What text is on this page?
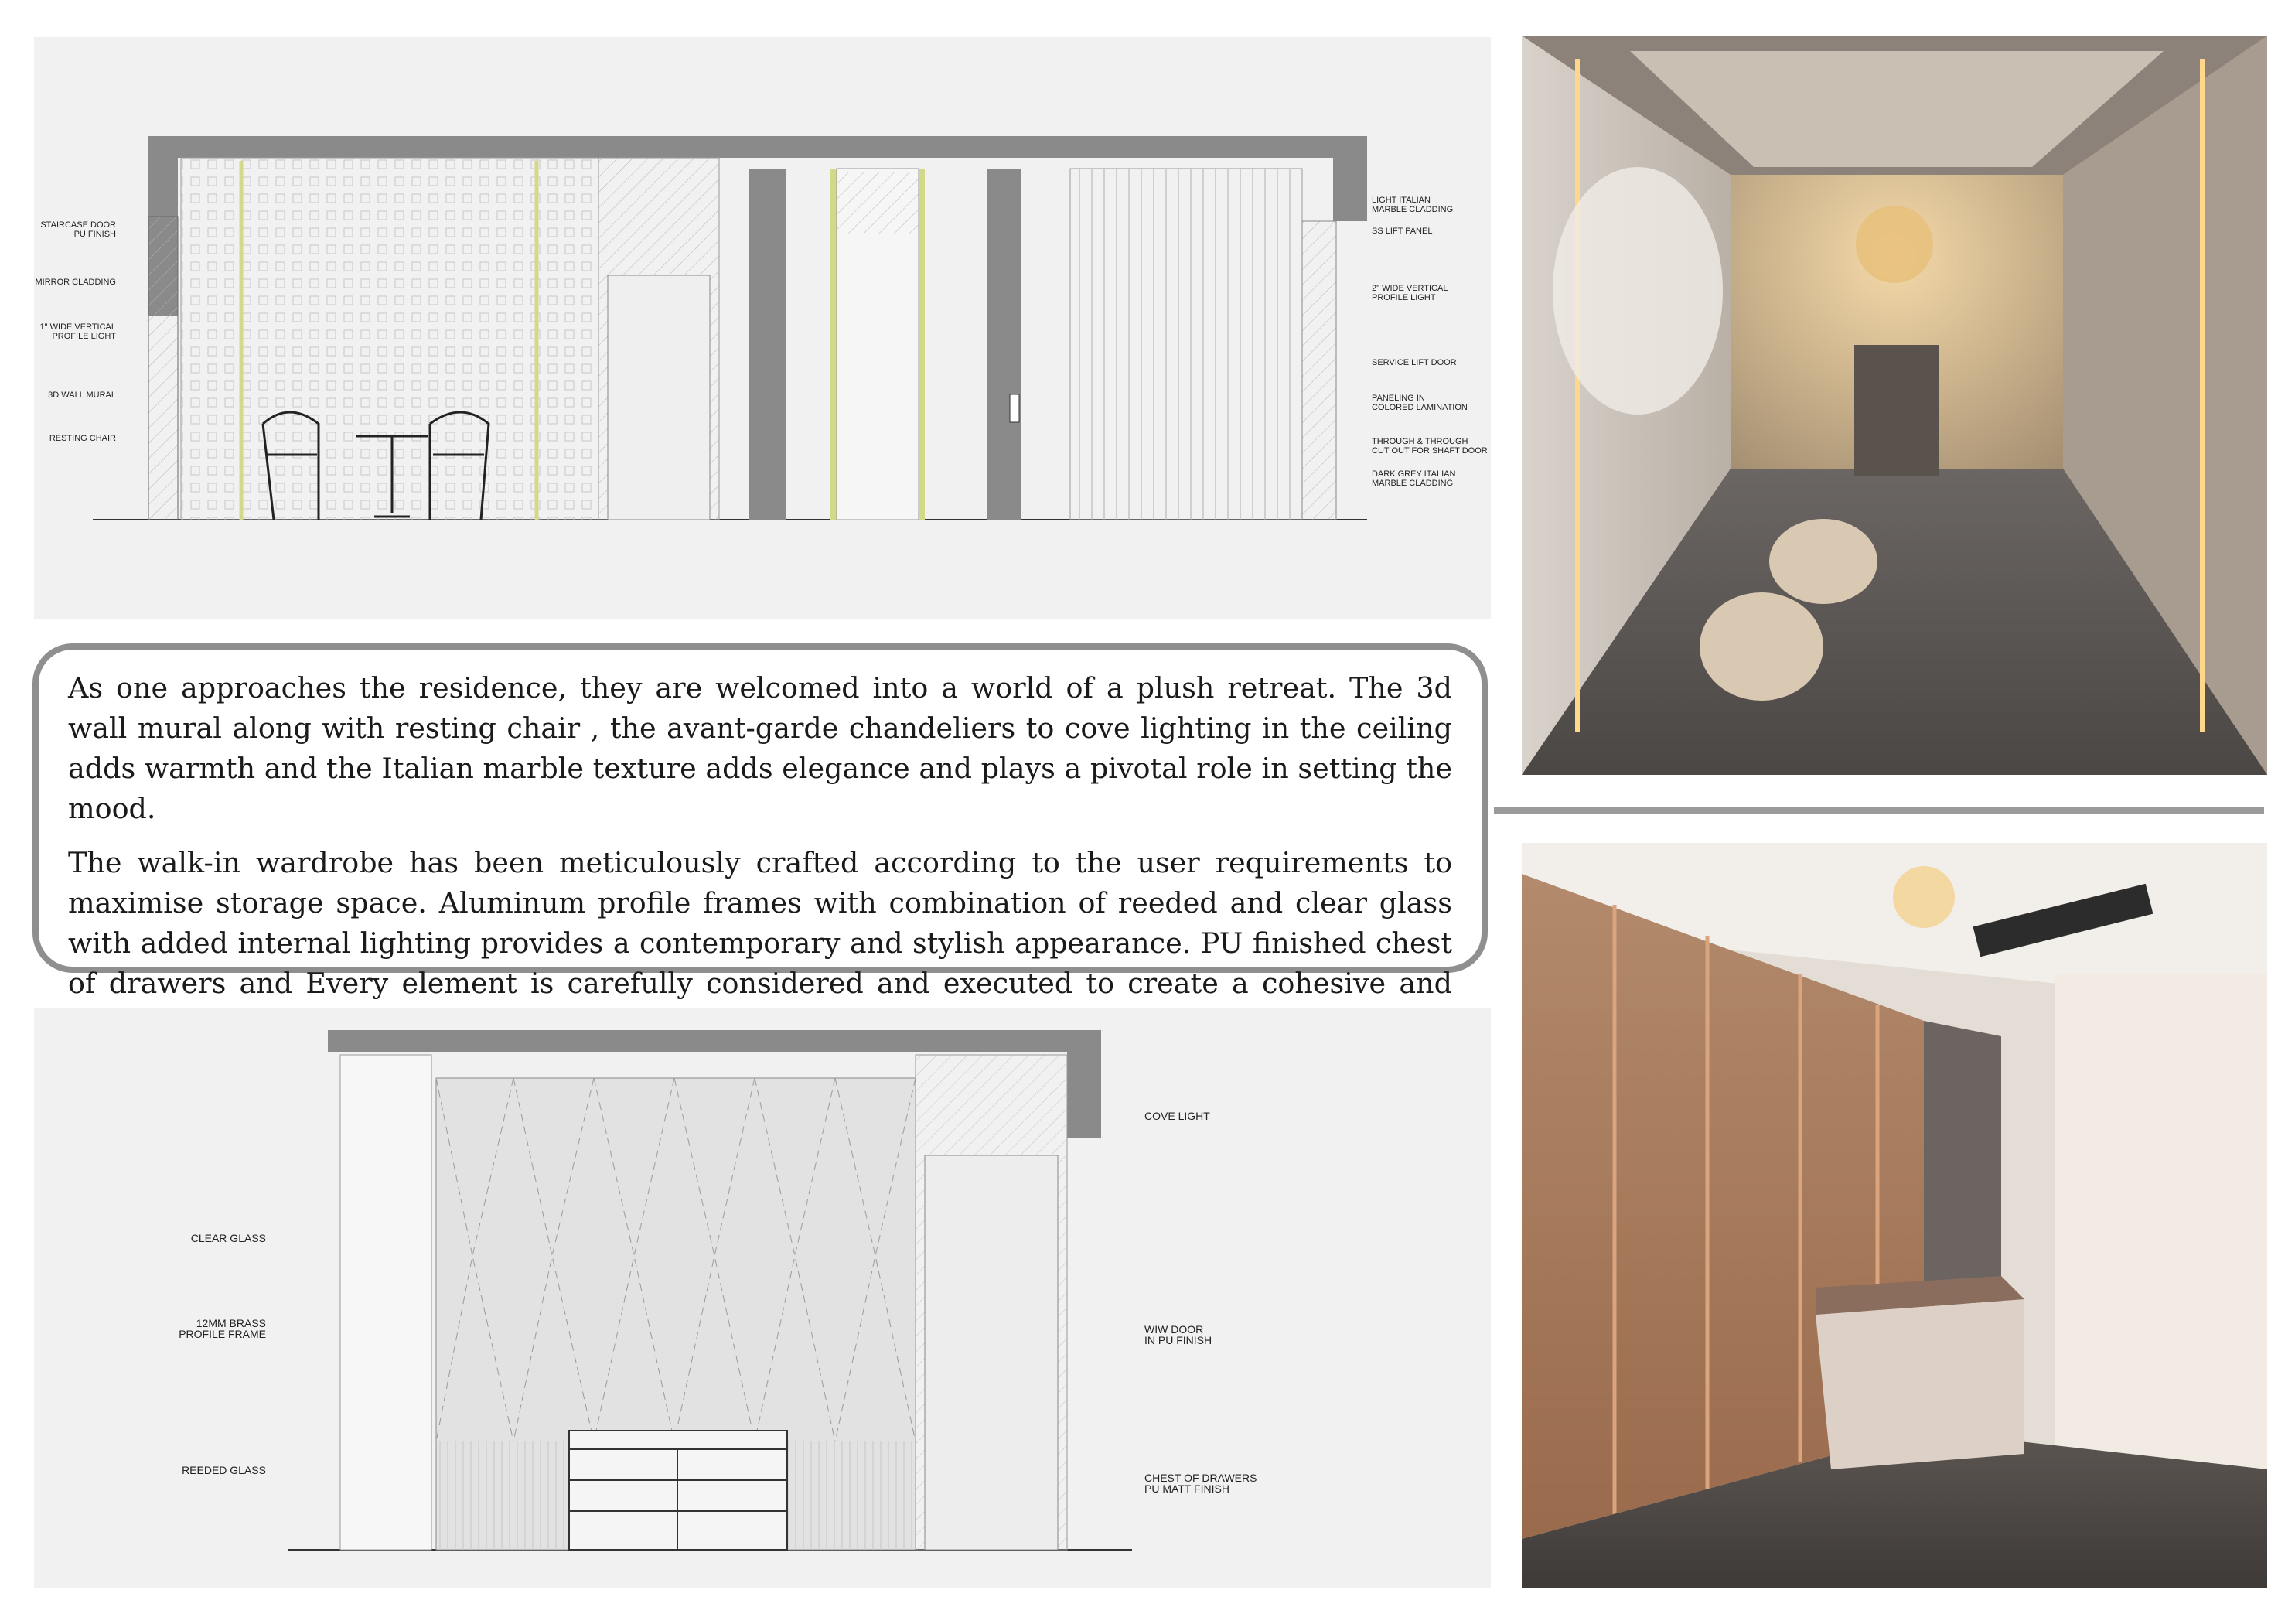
STAIRCASE DOOR
PU FINISH
MIRROR CLADDING
1" WIDE VERTICAL
PROFILE LIGHT
3D WALL MURAL
RESTING CHAIR
LIGHT ITALIAN
MARBLE CLADDING
SS LIFT PANEL
2" WIDE VERTICAL
PROFILE LIGHT
SERVICE LIFT DOOR
PANELING IN
COLORED LAMINATION
THROUGH & THROUGH
CUT OUT FOR SHAFT DOOR
DARK GREY ITALIAN
MARBLE CLADDING

As one approaches the residence, they are welcomed into a world of a plush retreat. The 3d wall mural along with resting chair , the avant-garde chandeliers to cove lighting in the ceiling adds warmth and the Italian marble texture adds elegance and plays a pivotal role in setting the mood.

The walk-in wardrobe has been meticulously crafted according to the user requirements to maximise storage space. Aluminum profile frames with combination of reeded and clear glass with added internal lighting provides a contemporary and stylish appearance. PU finished chest of drawers and Every element is carefully considered and executed to create a cohesive and

CLEAR GLASS
12MM BRASS
PROFILE FRAME
REEDED GLASS
COVE LIGHT
WIW DOOR
IN PU FINISH
CHEST OF DRAWERS
PU MATT FINISH
